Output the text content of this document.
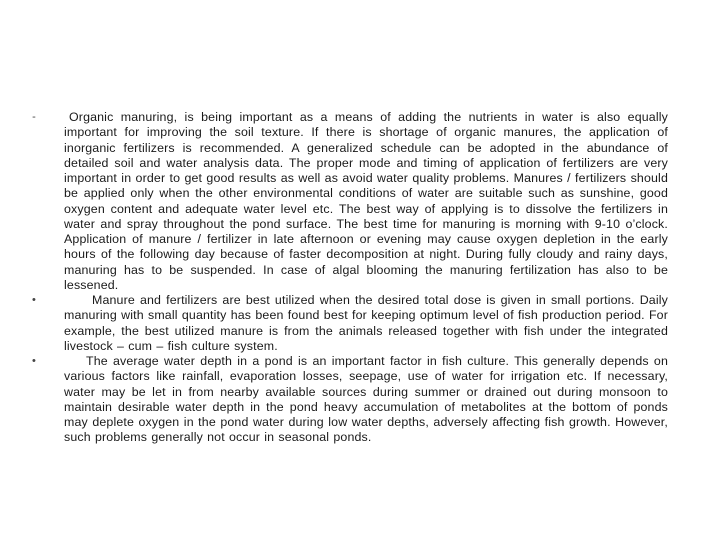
-	Organic manuring, is being important as a means of adding the nutrients in water is also equally important for improving the soil texture. If there is shortage of organic manures, the application of inorganic fertilizers is recommended. A generalized schedule can be adopted in the abundance of detailed soil and water analysis data. The proper mode and timing of application of fertilizers are very important in order to get good results as well as avoid water quality problems. Manures / fertilizers should be applied only when the other environmental conditions of water are suitable such as sunshine, good oxygen content and adequate water level etc. The best way of applying is to dissolve the fertilizers in water and spray throughout the pond surface. The best time for manuring is morning with 9-10 o’clock. Application of manure / fertilizer in late afternoon or evening may cause oxygen depletion in the early hours of the following day because of faster decomposition at night. During fully cloudy and rainy days, manuring has to be suspended. In case of algal blooming the manuring fertilization has also to be lessened.
•	Manure and fertilizers are best utilized when the desired total dose is given in small portions. Daily manuring with small quantity has been found best for keeping optimum level of fish production period. For example, the best utilized manure is from the animals released together with fish under the integrated livestock – cum – fish culture system.
•	The average water depth in a pond is an important factor in fish culture. This generally depends on various factors like rainfall, evaporation losses, seepage, use of water for irrigation etc. If necessary, water may be let in from nearby available sources during summer or drained out during monsoon to maintain desirable water depth in the pond heavy accumulation of metabolites at the bottom of ponds may deplete oxygen in the pond water during low water depths, adversely affecting fish growth. However, such problems generally not occur in seasonal ponds.
